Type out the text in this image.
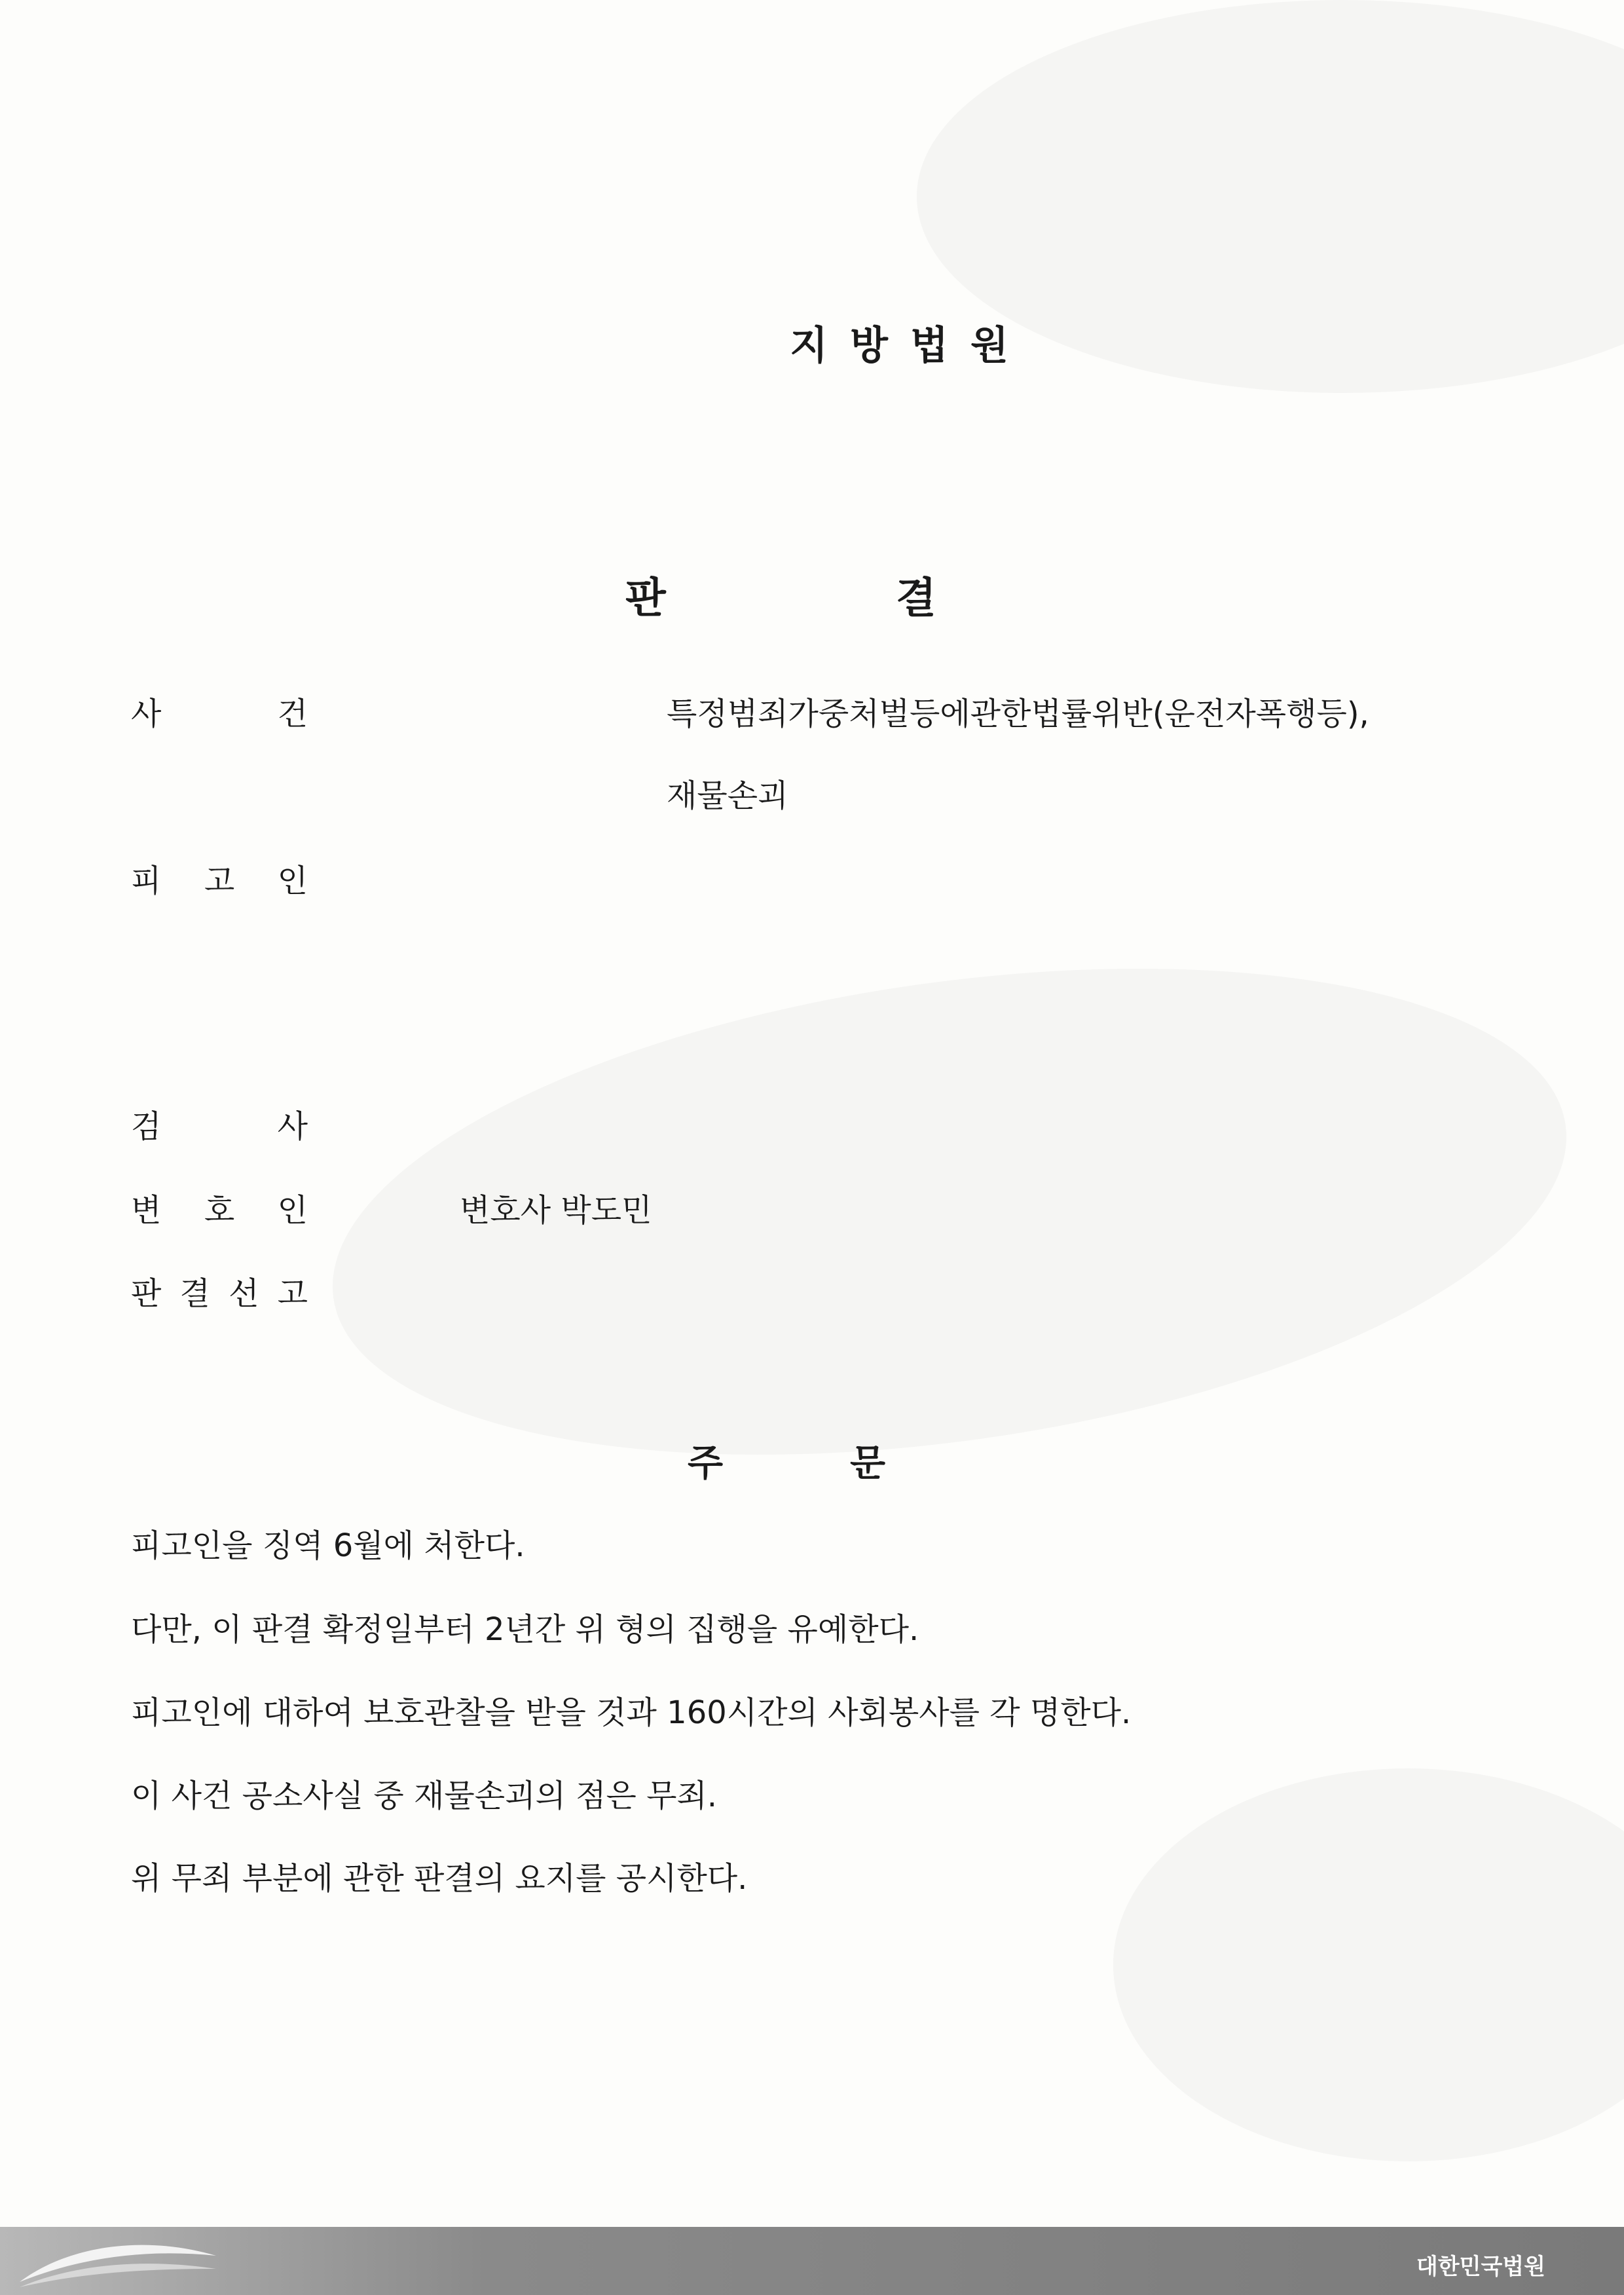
지방법원
판	결
사	건	특정범죄가중처벌등에관한법률위반(운전자폭행등),
재물손괴
피 고 인
검	사
변 호 인	변호사 박도민
판 결 선 고
주	문
피고인을 징역 6월에 처한다.
다만, 이 판결 확정일부터 2년간 위 형의 집행을 유예한다.
피고인에 대하여 보호관찰을 받을 것과 160시간의 사회봉사를 각 명한다.
이 사건 공소사실 중 재물손괴의 점은 무죄.
위 무죄 부분에 관한 판결의 요지를 공시한다.
대한민국법원
